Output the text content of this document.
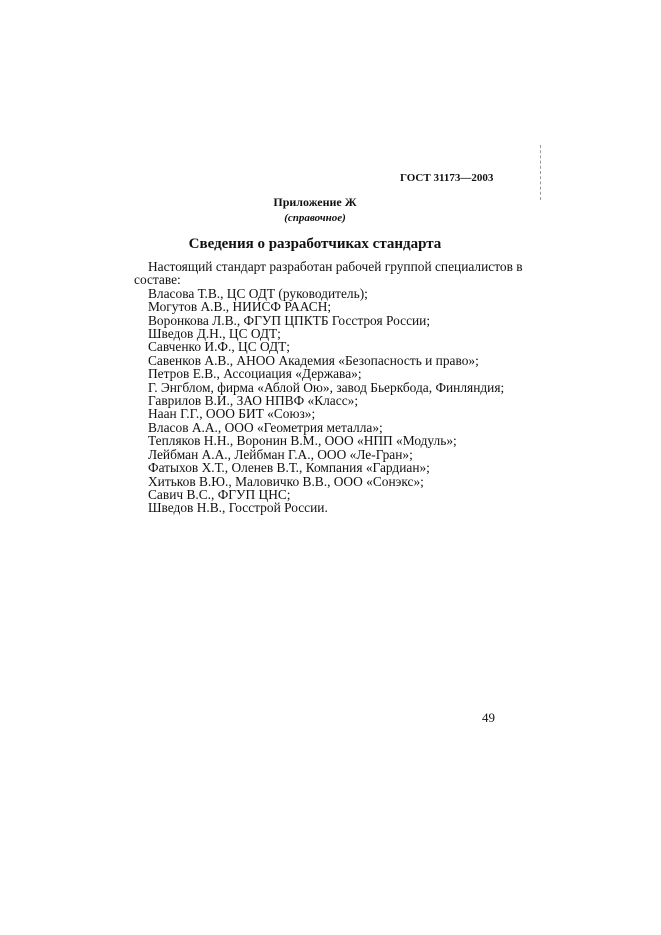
ГОСТ 31173—2003
Приложение Ж
(справочное)
Сведения о разработчиках стандарта
Настоящий стандарт разработан рабочей группой специалистов в составе:
Власова Т.В., ЦС ОДТ (руководитель);
Могутов А.В., НИИСФ РААСН;
Воронкова Л.В., ФГУП ЦПКТБ Госстроя России;
Шведов Д.Н., ЦС ОДТ;
Савченко И.Ф., ЦС ОДТ;
Савенков А.В., АНОО Академия «Безопасность и право»;
Петров Е.В., Ассоциация «Держава»;
Г. Энгблом, фирма «Аблой Ою», завод Бьеркбода, Финляндия;
Гаврилов В.И., ЗАО НПВФ «Класс»;
Наан Г.Г., ООО БИТ «Союз»;
Власов А.А., ООО «Геометрия металла»;
Тепляков Н.Н., Воронин В.М., ООО «НПП «Модуль»;
Лейбман А.А., Лейбман Г.А., ООО «Ле-Гран»;
Фатыхов Х.Т., Оленев В.Т., Компания «Гардиан»;
Хитьков В.Ю., Маловичко В.В., ООО «Сонэкс»;
Савич В.С., ФГУП ЦНС;
Шведов Н.В., Госстрой России.
49
